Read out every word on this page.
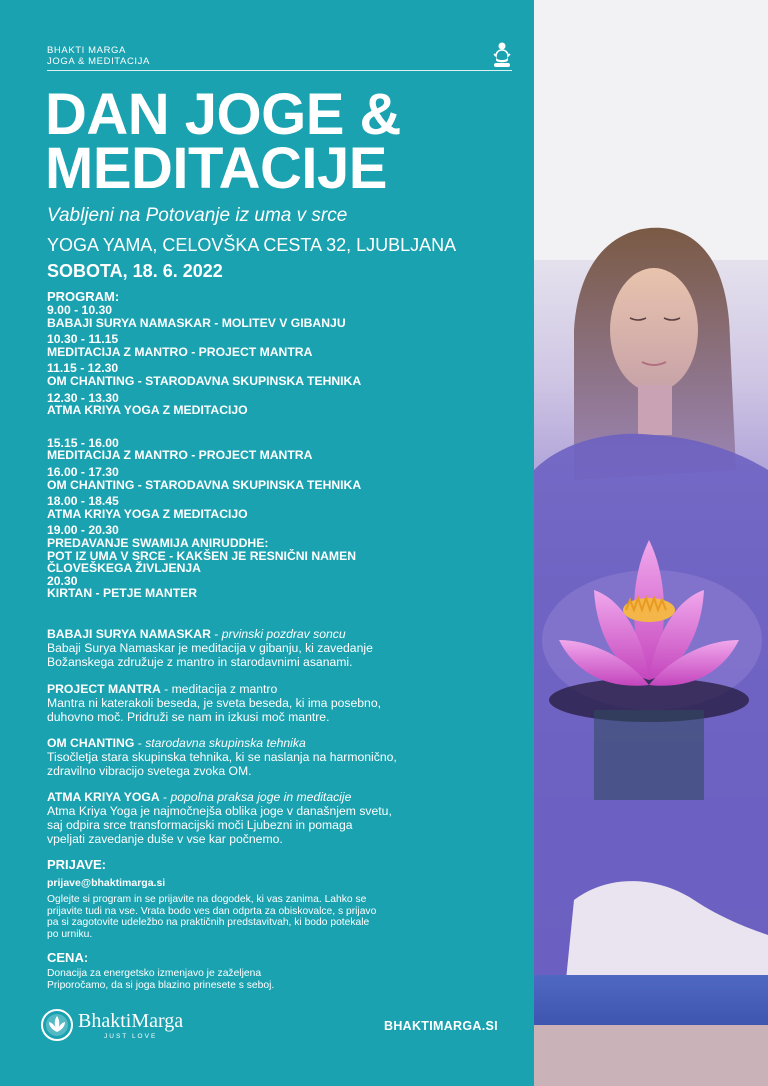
BHAKTI MARGA
JOGA & MEDITACIJA
DAN JOGE &
MEDITACIJE
Vabljeni na Potovanje iz uma v srce
YOGA YAMA, CELOVŠKA CESTA 32, LJUBLJANA
SOBOTA, 18. 6. 2022
PROGRAM:
9.00 - 10.30
BABAJI SURYA NAMASKAR - MOLITEV V GIBANJU
10.30 - 11.15
MEDITACIJA Z MANTRO - PROJECT MANTRA
11.15 - 12.30
OM CHANTING - STARODAVNA SKUPINSKA TEHNIKA
12.30 - 13.30
ATMA KRIYA YOGA Z MEDITACIJO
15.15 - 16.00
MEDITACIJA Z MANTRO - PROJECT MANTRA
16.00 - 17.30
OM CHANTING - STARODAVNA SKUPINSKA TEHNIKA
18.00 - 18.45
ATMA KRIYA YOGA Z MEDITACIJO
19.00 - 20.30
PREDAVANJE SWAMIJA ANIRUDDHE:
POT IZ UMA V SRCE - KAKŠEN JE RESNIČNI NAMEN
ČLOVEŠKEGA ŽIVLJENJA
20.30
KIRTAN - PETJE MANTER
BABAJI SURYA NAMASKAR - prvinski pozdrav soncu
Babaji Surya Namaskar je meditacija v gibanju, ki zavedanje
Božanskega združuje z mantro in starodavnimi asanami.
PROJECT MANTRA - meditacija z mantro
Mantra ni katerakoli beseda, je sveta beseda, ki ima posebno,
duhovno moč. Pridruži se nam in izkusi moč mantre.
OM CHANTING - starodavna skupinska tehnika
Tisočletja stara skupinska tehnika, ki se naslanja na harmonično,
zdravilno vibracijo svetega zvoka OM.
ATMA KRIYA YOGA - popolna praksa joge in meditacije
Atma Kriya Yoga je najmočnejša oblika joge v današnjem svetu,
saj odpira srce transformacijski moči Ljubezni in pomaga
vpeljati zavedanje duše v vse kar počnemo.
PRIJAVE:
prijave@bhaktimarga.si
Oglejte si program in se prijavite na dogodek, ki vas zanima. Lahko se
prijavite tudi na vse. Vrata bodo ves dan odprta za obiskovalce, s prijavo
pa si zagotovite udeležbo na praktičnih predstavitvah, ki bodo potekale
po urniku.
CENA:
Donacija za energetsko izmenjavo je zaželjena
Priporočamo, da si joga blazino prinesete s seboj.
BhaktiMarga
JUST LOVE
BHAKTIMARGA.SI
